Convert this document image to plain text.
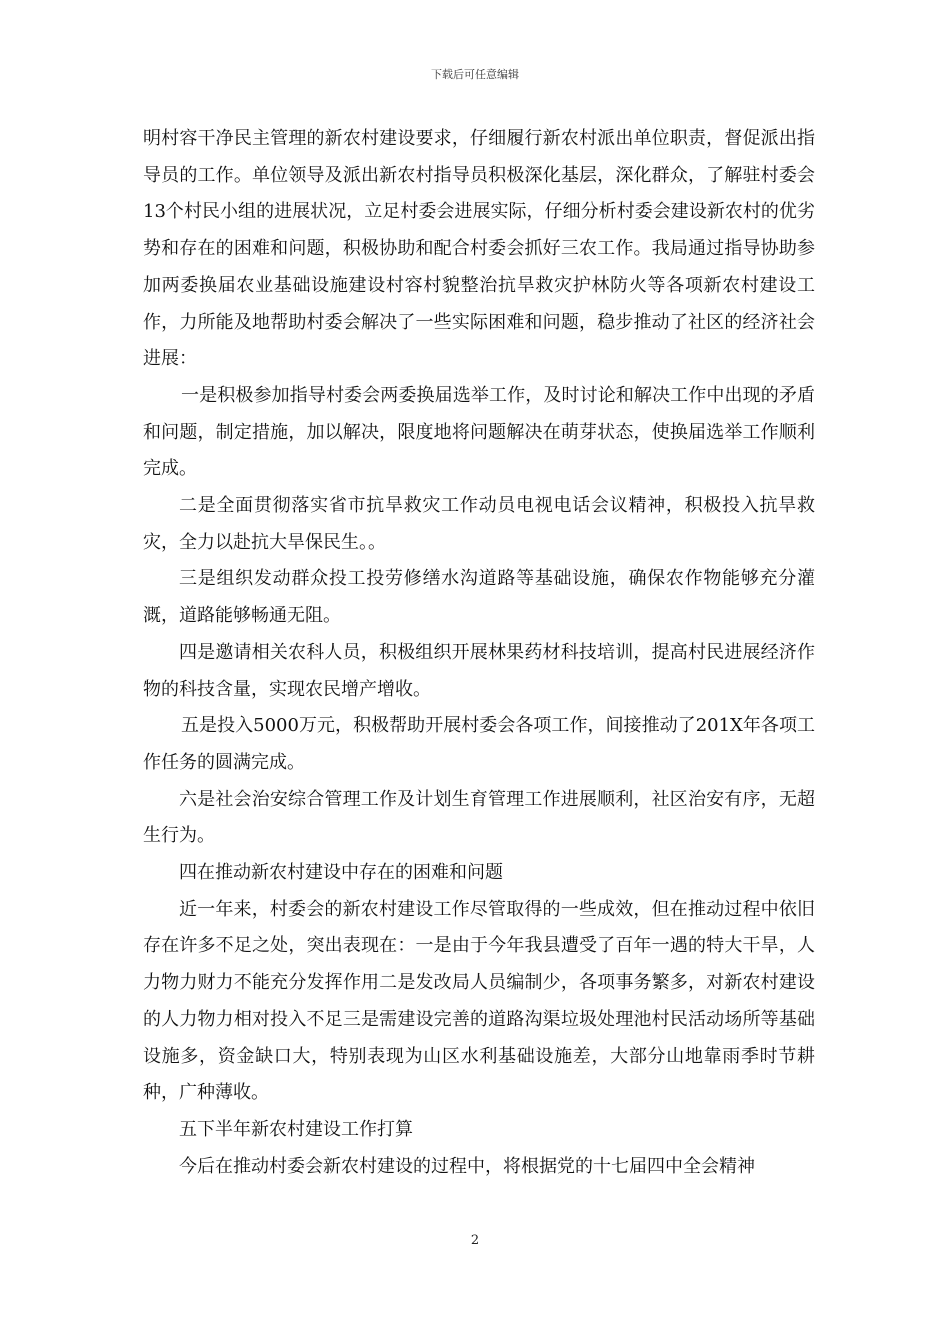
下载后可任意编辑

明村容干净民主管理的新农村建设要求，仔细履行新农村派出单位职责，督促派出指导员的工作。单位领导及派出新农村指导员积极深化基层，深化群众，了解驻村委会13个村民小组的进展状况，立足村委会进展实际，仔细分析村委会建设新农村的优劣势和存在的困难和问题，积极协助和配合村委会抓好三农工作。我局通过指导协助参加两委换届农业基础设施建设村容村貌整治抗旱救灾护林防火等各项新农村建设工作，力所能及地帮助村委会解决了一些实际困难和问题，稳步推动了社区的经济社会进展：

一是积极参加指导村委会两委换届选举工作，及时讨论和解决工作中出现的矛盾和问题，制定措施，加以解决，限度地将问题解决在萌芽状态，使换届选举工作顺利完成。

二是全面贯彻落实省市抗旱救灾工作动员电视电话会议精神，积极投入抗旱救灾，全力以赴抗大旱保民生。。

三是组织发动群众投工投劳修缮水沟道路等基础设施，确保农作物能够充分灌溉，道路能够畅通无阻。

四是邀请相关农科人员，积极组织开展林果药材科技培训，提高村民进展经济作物的科技含量，实现农民增产增收。

五是投入5000万元，积极帮助开展村委会各项工作，间接推动了201X年各项工作任务的圆满完成。

六是社会治安综合管理工作及计划生育管理工作进展顺利，社区治安有序，无超生行为。

四在推动新农村建设中存在的困难和问题

近一年来，村委会的新农村建设工作尽管取得的一些成效，但在推动过程中依旧存在许多不足之处，突出表现在：一是由于今年我县遭受了百年一遇的特大干旱，人力物力财力不能充分发挥作用二是发改局人员编制少，各项事务繁多，对新农村建设的人力物力相对投入不足三是需建设完善的道路沟渠垃圾处理池村民活动场所等基础设施多，资金缺口大，特别表现为山区水利基础设施差，大部分山地靠雨季时节耕种，广种薄收。

五下半年新农村建设工作打算

今后在推动村委会新农村建设的过程中，将根据党的十七届四中全会精神

2
